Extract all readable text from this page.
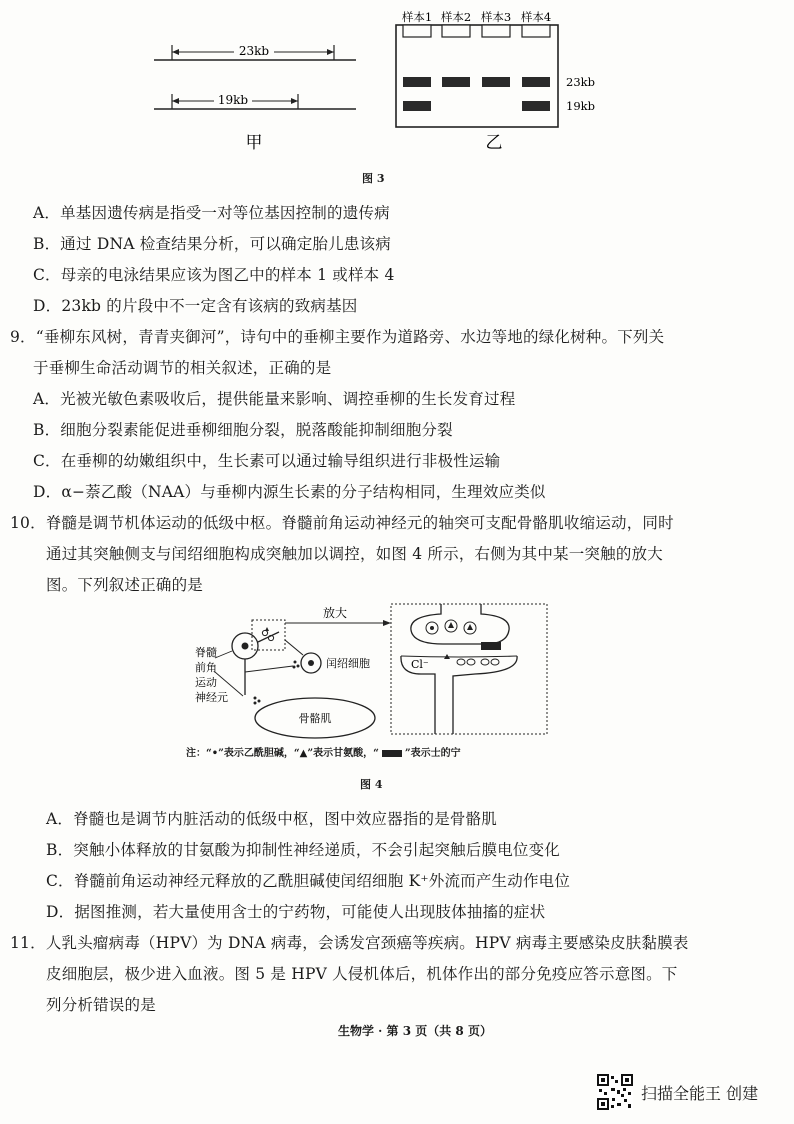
23kb
19kb
甲
样本1 样本2 样本3 样本4
23kb
19kb
乙
图 3
A．单基因遗传病是指受一对等位基因控制的遗传病
B．通过 DNA 检查结果分析，可以确定胎儿患该病
C．母亲的电泳结果应该为图乙中的样本 1 或样本 4
D．23kb 的片段中不一定含有该病的致病基因
9．“垂柳东风树，青青夹御河”，诗句中的垂柳主要作为道路旁、水边等地的绿化树种。下列关
于垂柳生命活动调节的相关叙述，正确的是
A．光被光敏色素吸收后，提供能量来影响、调控垂柳的生长发育过程
B．细胞分裂素能促进垂柳细胞分裂，脱落酸能抑制细胞分裂
C．在垂柳的幼嫩组织中，生长素可以通过输导组织进行非极性运输
D．α−萘乙酸（NAA）与垂柳内源生长素的分子结构相同，生理效应类似
10．脊髓是调节机体运动的低级中枢。脊髓前角运动神经元的轴突可支配骨骼肌收缩运动，同时
通过其突触侧支与闰绍细胞构成突触加以调控，如图 4 所示，右侧为其中某一突触的放大
图。下列叙述正确的是
骨骼肌
脊髓
前角
运动
神经元
闰绍细胞
放大
Cl⁻
注：“•”表示乙酰胆碱，“▲”表示甘氨酸，“	”表示士的宁
图 4
A．脊髓也是调节内脏活动的低级中枢，图中效应器指的是骨骼肌
B．突触小体释放的甘氨酸为抑制性神经递质，不会引起突触后膜电位变化
C．脊髓前角运动神经元释放的乙酰胆碱使闰绍细胞 K⁺外流而产生动作电位
D．据图推测，若大量使用含士的宁药物，可能使人出现肢体抽搐的症状
11．人乳头瘤病毒（HPV）为 DNA 病毒，会诱发宫颈癌等疾病。HPV 病毒主要感染皮肤黏膜表
皮细胞层，极少进入血液。图 5 是 HPV 人侵机体后，机体作出的部分免疫应答示意图。下
列分析错误的是
生物学 · 第 3 页（共 8 页）
扫描全能王 创建
